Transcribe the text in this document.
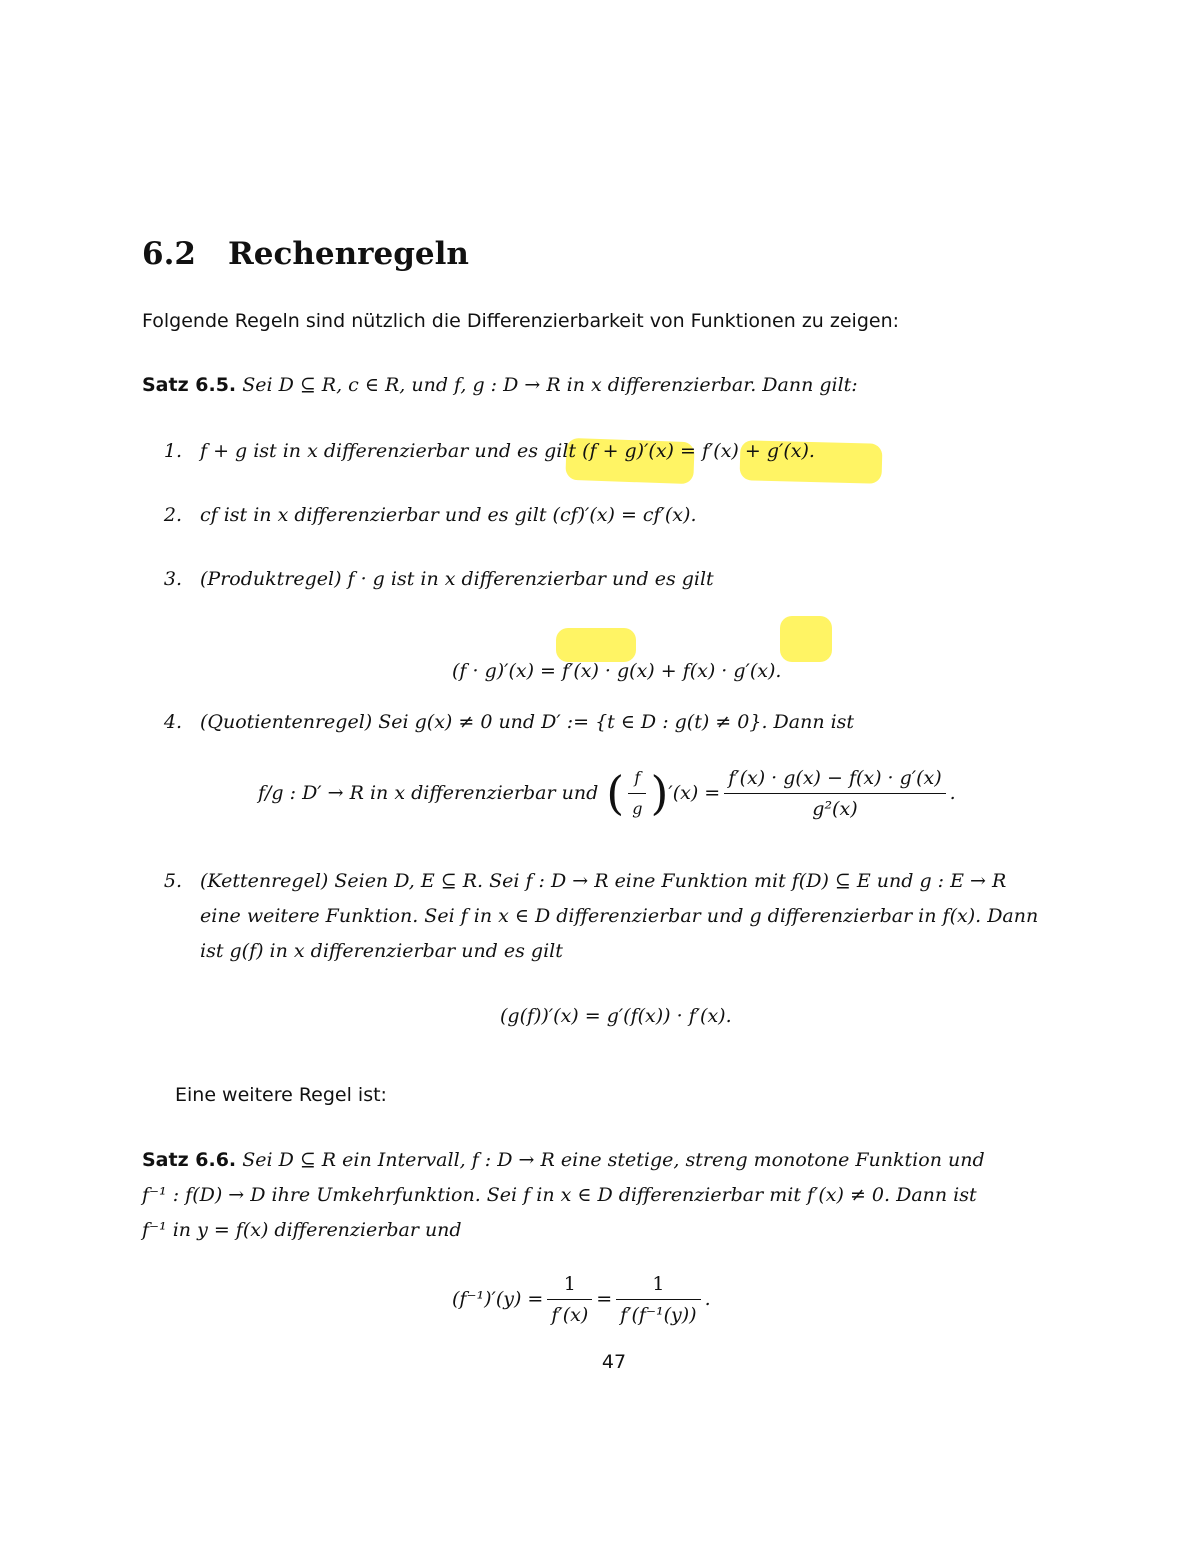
6.2 Rechenregeln
Folgende Regeln sind nützlich die Differenzierbarkeit von Funktionen zu zeigen:
Satz 6.5. Sei D ⊆ R, c ∈ R, und f, g : D → R in x differenzierbar. Dann gilt:
1. f + g ist in x differenzierbar und es gilt (f + g)′(x) = f′(x) + g′(x).
2. cf ist in x differenzierbar und es gilt (cf)′(x) = cf′(x).
3. (Produktregel) f · g ist in x differenzierbar und es gilt
(f · g)′(x) = f′(x) · g(x) + f(x) · g′(x).
4. (Quotientenregel) Sei g(x) ≠ 0 und D′ := {t ∈ D : g(t) ≠ 0}. Dann ist
f/g : D′ → R in x differenzierbar und ( $\frac{f}{g}$ ) $'(x) = \frac{f'(x) \cdot g(x) - f(x) \cdot g'(x)}{\text{g²(x)}}$ .
5. (Kettenregel) Seien D, E ⊆ R. Sei f : D → R eine Funktion mit f(D) ⊆ E und g : E → R
eine weitere Funktion. Sei f in x ∈ D differenzierbar und g differenzierbar in f(x). Dann
ist g(f) in x differenzierbar und es gilt
(g(f))′(x) = g′(f(x)) · f′(x).
Eine weitere Regel ist:
Satz 6.6. Sei D ⊆ R ein Intervall, f : D → R eine stetige, streng monotone Funktion und
f⁻¹ : f(D) → D ihre Umkehrfunktion. Sei f in x ∈ D differenzierbar mit f′(x) ≠ 0. Dann ist
f⁻¹ in y = f(x) differenzierbar und
$(f^{-1})'(y) = \frac{1}{f'(x)} = \frac{1}{\text{f′(f⁻¹(y))}}$ .
47
